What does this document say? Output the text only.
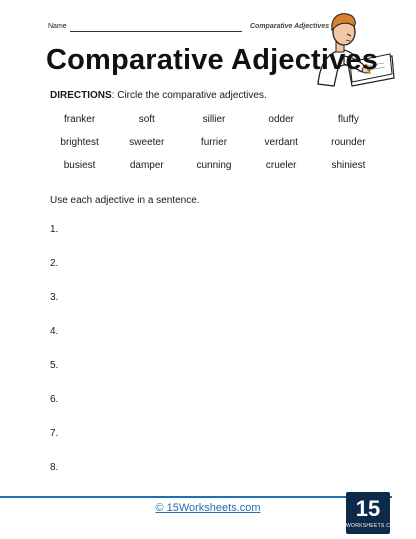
Name	Comparative Adjectives
Comparative Adjectives
DIRECTIONS: Circle the comparative adjectives.
franker	soft	sillier	odder	fluffy
brightest	sweeter	furrier	verdant	rounder
busiest	damper	cunning	crueler	shiniest
Use each adjective in a sentence.
1.
2.
3.
4.
5.
6.
7.
8.
© 15Worksheets.com	15
WORKSHEETS.COM
